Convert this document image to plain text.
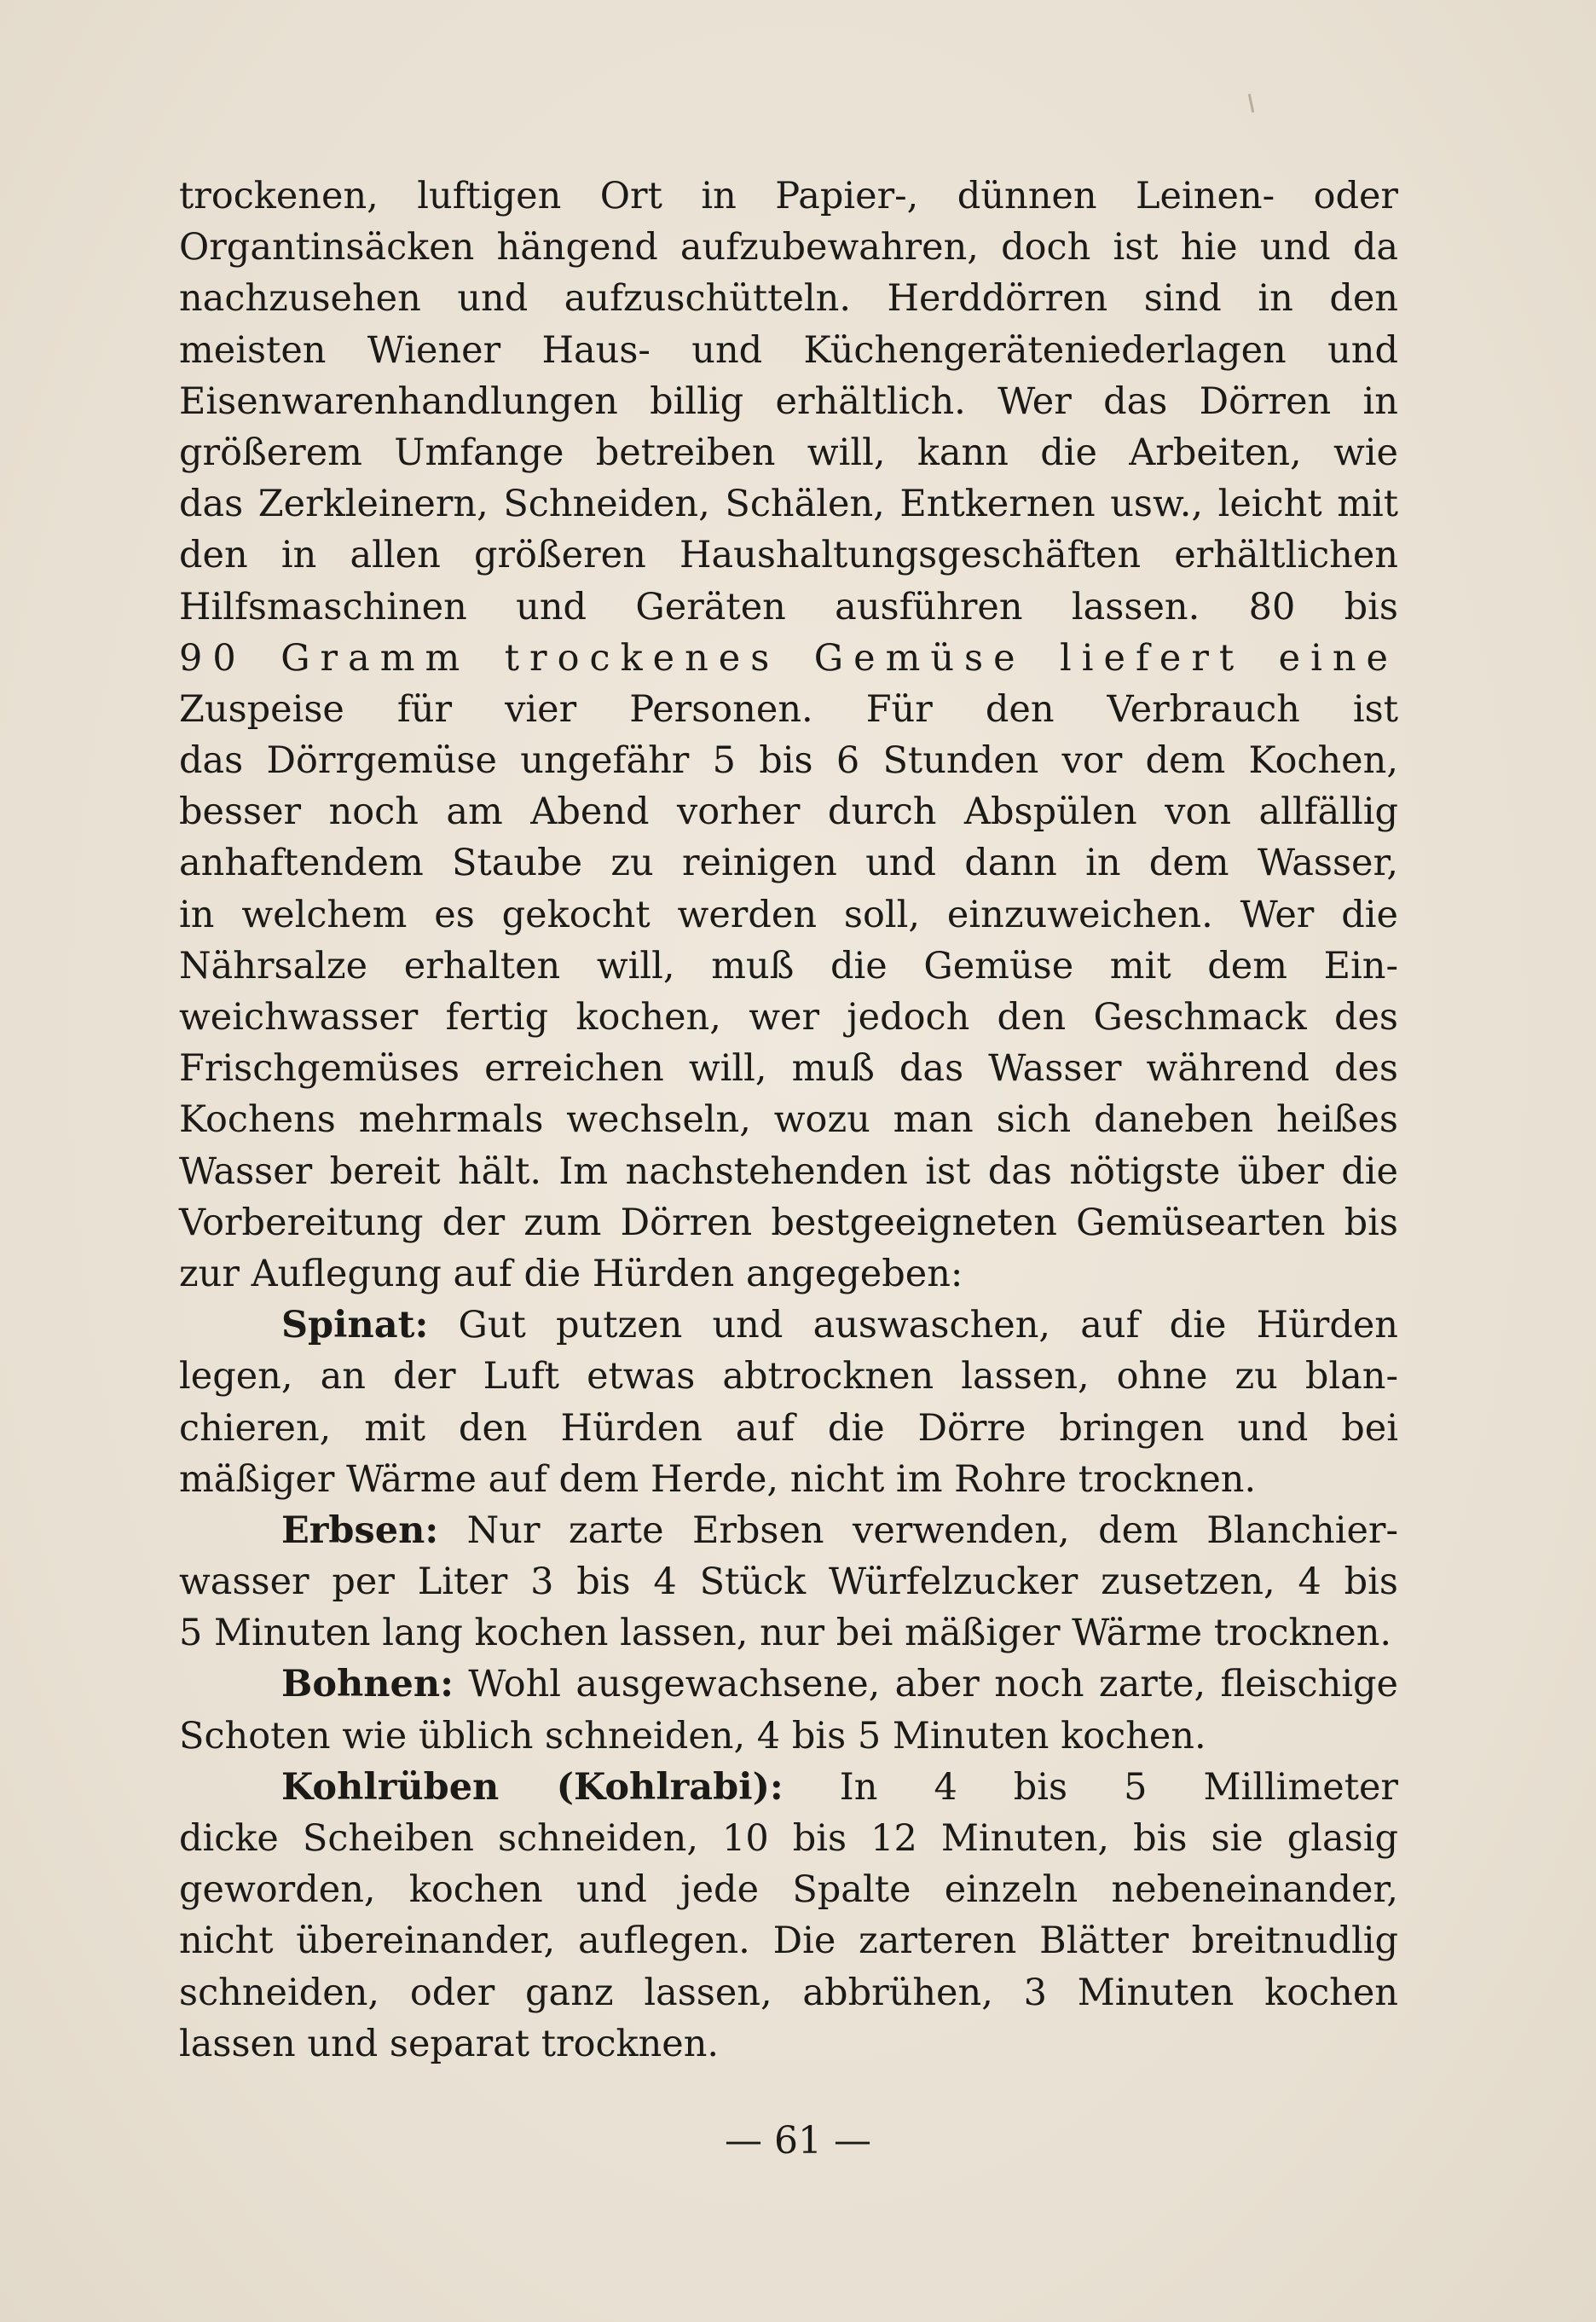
trockenen, luftigen Ort in Papier-, dünnen Leinen- oder
Organtinsäcken hängend aufzubewahren, doch ist hie und da
nachzusehen und aufzuschütteln. Herddörren sind in den
meisten Wiener Haus- und Küchengeräteniederlagen und
Eisenwarenhandlungen billig erhältlich. Wer das Dörren in
größerem Umfange betreiben will, kann die Arbeiten, wie
das Zerkleinern, Schneiden, Schälen, Entkernen usw., leicht mit
den in allen größeren Haushaltungsgeschäften erhältlichen
Hilfsmaschinen und Geräten ausführen lassen. 80 bis
90 Gramm trockenes Gemüse liefert eine
Zuspeise für vier Personen. Für den Verbrauch ist
das Dörrgemüse ungefähr 5 bis 6 Stunden vor dem Kochen,
besser noch am Abend vorher durch Abspülen von allfällig
anhaftendem Staube zu reinigen und dann in dem Wasser,
in welchem es gekocht werden soll, einzuweichen. Wer die
Nährsalze erhalten will, muß die Gemüse mit dem Ein-
weichwasser fertig kochen, wer jedoch den Geschmack des
Frischgemüses erreichen will, muß das Wasser während des
Kochens mehrmals wechseln, wozu man sich daneben heißes
Wasser bereit hält. Im nachstehenden ist das nötigste über die
Vorbereitung der zum Dörren bestgeeigneten Gemüsearten bis
zur Auflegung auf die Hürden angegeben:
Spinat: Gut putzen und auswaschen, auf die Hürden
legen, an der Luft etwas abtrocknen lassen, ohne zu blan-
chieren, mit den Hürden auf die Dörre bringen und bei
mäßiger Wärme auf dem Herde, nicht im Rohre trocknen.
Erbsen: Nur zarte Erbsen verwenden, dem Blanchier-
wasser per Liter 3 bis 4 Stück Würfelzucker zusetzen, 4 bis
5 Minuten lang kochen lassen, nur bei mäßiger Wärme trocknen.
Bohnen: Wohl ausgewachsene, aber noch zarte, fleischige
Schoten wie üblich schneiden, 4 bis 5 Minuten kochen.
Kohlrüben (Kohlrabi): In 4 bis 5 Millimeter
dicke Scheiben schneiden, 10 bis 12 Minuten, bis sie glasig
geworden, kochen und jede Spalte einzeln nebeneinander,
nicht übereinander, auflegen. Die zarteren Blätter breitnudlig
schneiden, oder ganz lassen, abbrühen, 3 Minuten kochen
lassen und separat trocknen.
— 61 —
